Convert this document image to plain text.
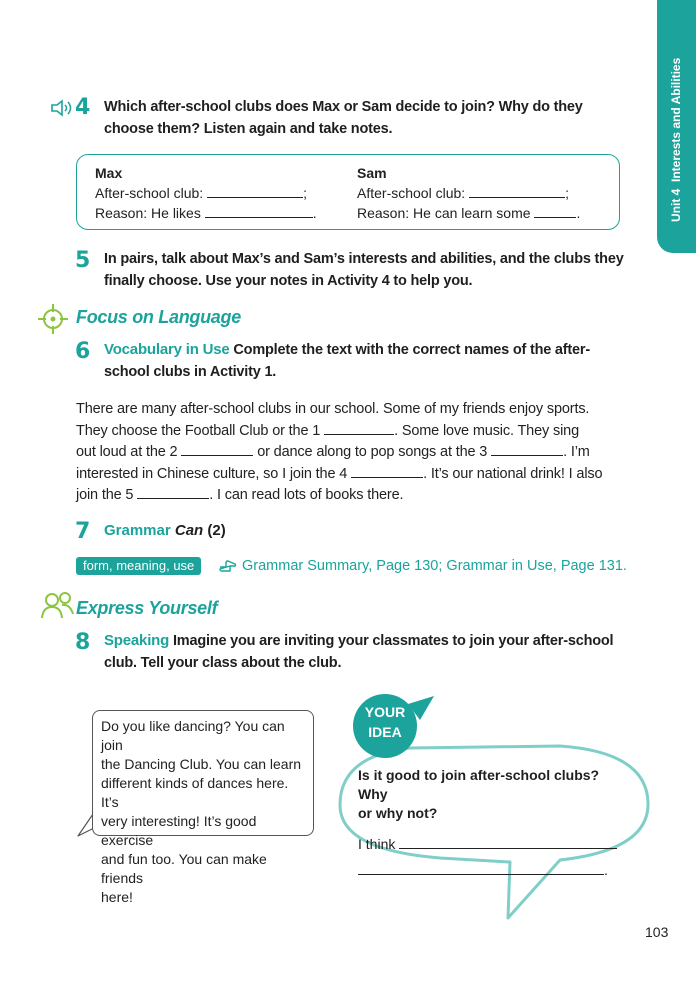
Unit 4  Interests and Abilities
4 Which after-school clubs does Max or Sam decide to join? Why do they
choose them? Listen again and take notes.
Max
After-school club:	;
Reason: He likes	.
Sam
After-school club:	;
Reason: He can learn some	.
5 In pairs, talk about Max’s and Sam’s interests and abilities, and the clubs they
finally choose. Use your notes in Activity 4 to help you.
Focus on Language
6 Vocabulary in Use Complete the text with the correct names of the after-
school clubs in Activity 1.
There are many after-school clubs in our school. Some of my friends enjoy sports.
They choose the Football Club or the 1	. Some love music. They sing
out loud at the 2	or dance along to pop songs at the 3	. I’m
interested in Chinese culture, so I join the 4	. It’s our national drink! I also
join the 5	. I can read lots of books there.
7 Grammar Can (2)
form, meaning, use	Grammar Summary, Page 130; Grammar in Use, Page 131.
Express Yourself
8 Speaking Imagine you are inviting your classmates to join your after-school
club. Tell your class about the club.
Do you like dancing? You can join
the Dancing Club. You can learn
different kinds of dances here. It’s
very interesting! It’s good exercise
and fun too. You can make friends
here!
YOUR
IDEA
Is it good to join after-school clubs? Why
or why not?
I think
.
103
